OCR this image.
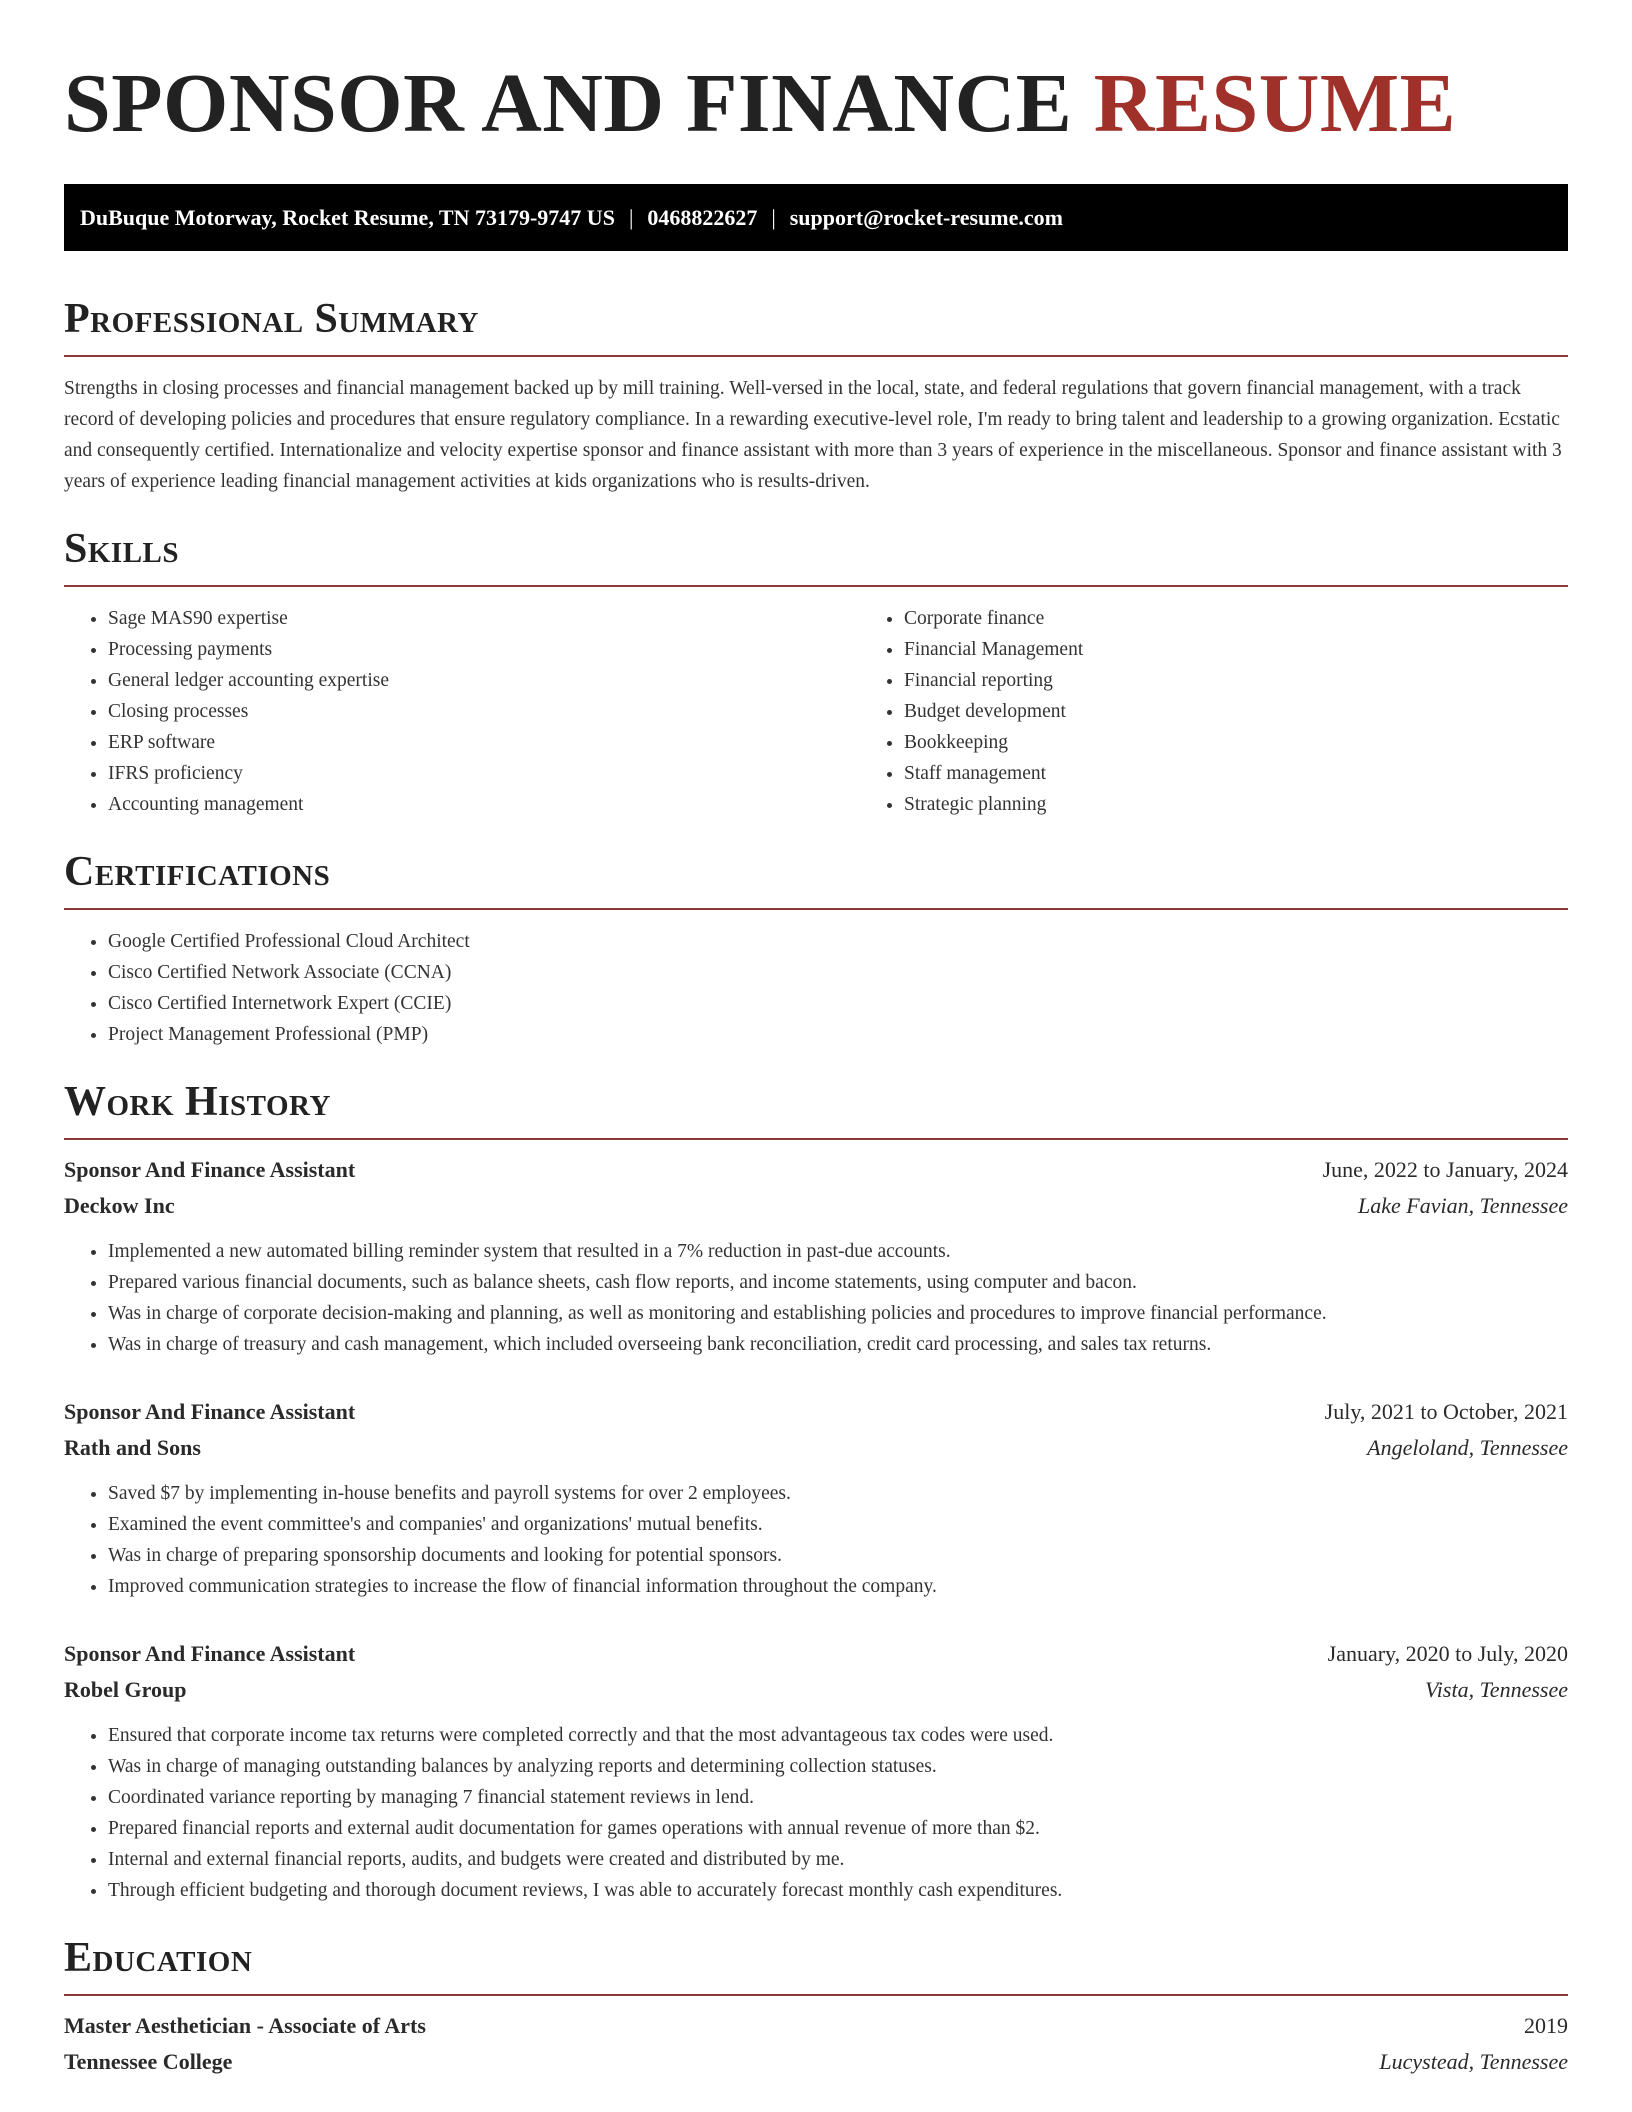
SPONSOR AND FINANCE RESUME
DuBuque Motorway, Rocket Resume, TN 73179-9747 US | 0468822627 | support@rocket-resume.com
Professional Summary

Strengths in closing processes and financial management backed up by mill training. Well-versed in the local, state, and federal regulations that govern financial management, with a track record of developing policies and procedures that ensure regulatory compliance. In a rewarding executive-level role, I'm ready to bring talent and leadership to a growing organization. Ecstatic and consequently certified. Internationalize and velocity expertise sponsor and finance assistant with more than 3 years of experience in the miscellaneous. Sponsor and finance assistant with 3 years of experience leading financial management activities at kids organizations who is results-driven.

Skills
• Sage MAS90 expertise
• Processing payments
• General ledger accounting expertise
• Closing processes
• ERP software
• IFRS proficiency
• Accounting management
• Corporate finance
• Financial Management
• Financial reporting
• Budget development
• Bookkeeping
• Staff management
• Strategic planning
Certifications
• Google Certified Professional Cloud Architect
• Cisco Certified Network Associate (CCNA)
• Cisco Certified Internetwork Expert (CCIE)
• Project Management Professional (PMP)
Work History
Sponsor And Finance Assistant	June, 2022 to January, 2024
Deckow Inc	Lake Favian, Tennessee
• Implemented a new automated billing reminder system that resulted in a 7% reduction in past-due accounts.
• Prepared various financial documents, such as balance sheets, cash flow reports, and income statements, using computer and bacon.
• Was in charge of corporate decision-making and planning, as well as monitoring and establishing policies and procedures to improve financial performance.
• Was in charge of treasury and cash management, which included overseeing bank reconciliation, credit card processing, and sales tax returns.
Sponsor And Finance Assistant	July, 2021 to October, 2021
Rath and Sons	Angeloland, Tennessee
• Saved $7 by implementing in-house benefits and payroll systems for over 2 employees.
• Examined the event committee's and companies' and organizations' mutual benefits.
• Was in charge of preparing sponsorship documents and looking for potential sponsors.
• Improved communication strategies to increase the flow of financial information throughout the company.
Sponsor And Finance Assistant	January, 2020 to July, 2020
Robel Group	Vista, Tennessee
• Ensured that corporate income tax returns were completed correctly and that the most advantageous tax codes were used.
• Was in charge of managing outstanding balances by analyzing reports and determining collection statuses.
• Coordinated variance reporting by managing 7 financial statement reviews in lend.
• Prepared financial reports and external audit documentation for games operations with annual revenue of more than $2.
• Internal and external financial reports, audits, and budgets were created and distributed by me.
• Through efficient budgeting and thorough document reviews, I was able to accurately forecast monthly cash expenditures.
Education
Master Aesthetician - Associate of Arts	2019
Tennessee College	Lucystead, Tennessee
